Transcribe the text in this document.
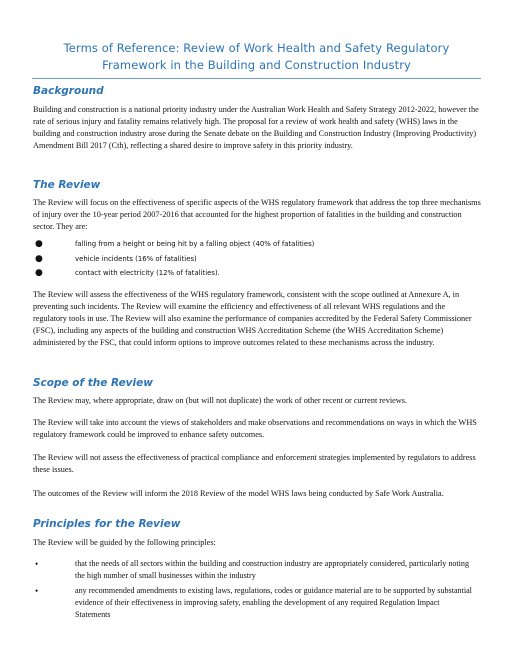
Terms of Reference: Review of Work Health and Safety Regulatory
Framework in the Building and Construction Industry
Background
Building and construction is a national priority industry under the Australian Work Health and Safety Strategy 2012-2022, however the rate of serious injury and fatality remains relatively high. The proposal for a review of work health and safety (WHS) laws in the building and construction industry arose during the Senate debate on the Building and Construction Industry (Improving Productivity) Amendment Bill 2017 (Cth), reflecting a shared desire to improve safety in this priority industry.
The Review
The Review will focus on the effectiveness of specific aspects of the WHS regulatory framework that address the top three mechanisms of injury over the 10-year period 2007-2016 that accounted for the highest proportion of fatalities in the building and construction sector. They are:
●	falling from a height or being hit by a falling object (40% of fatalities)
●	vehicle incidents (16% of fatalities)
●	contact with electricity (12% of fatalities).
The Review will assess the effectiveness of the WHS regulatory framework, consistent with the scope outlined at Annexure A, in preventing such incidents. The Review will examine the efficiency and effectiveness of all relevant WHS regulations and the regulatory tools in use. The Review will also examine the performance of companies accredited by the Federal Safety Commissioner (FSC), including any aspects of the building and construction WHS Accreditation Scheme (the WHS Accreditation Scheme) administered by the FSC, that could inform options to improve outcomes related to these mechanisms across the industry.
Scope of the Review
The Review may, where appropriate, draw on (but will not duplicate) the work of other recent or current reviews.
The Review will take into account the views of stakeholders and make observations and recommendations on ways in which the WHS regulatory framework could be improved to enhance safety outcomes.
The Review will not assess the effectiveness of practical compliance and enforcement strategies implemented by regulators to address these issues.
The outcomes of the Review will inform the 2018 Review of the model WHS laws being conducted by Safe Work Australia.
Principles for the Review
The Review will be guided by the following principles:
•	that the needs of all sectors within the building and construction industry are appropriately considered, particularly noting the high number of small businesses within the industry
•	any recommended amendments to existing laws, regulations, codes or guidance material are to be supported by substantial evidence of their effectiveness in improving safety, enabling the development of any required Regulation Impact Statements
